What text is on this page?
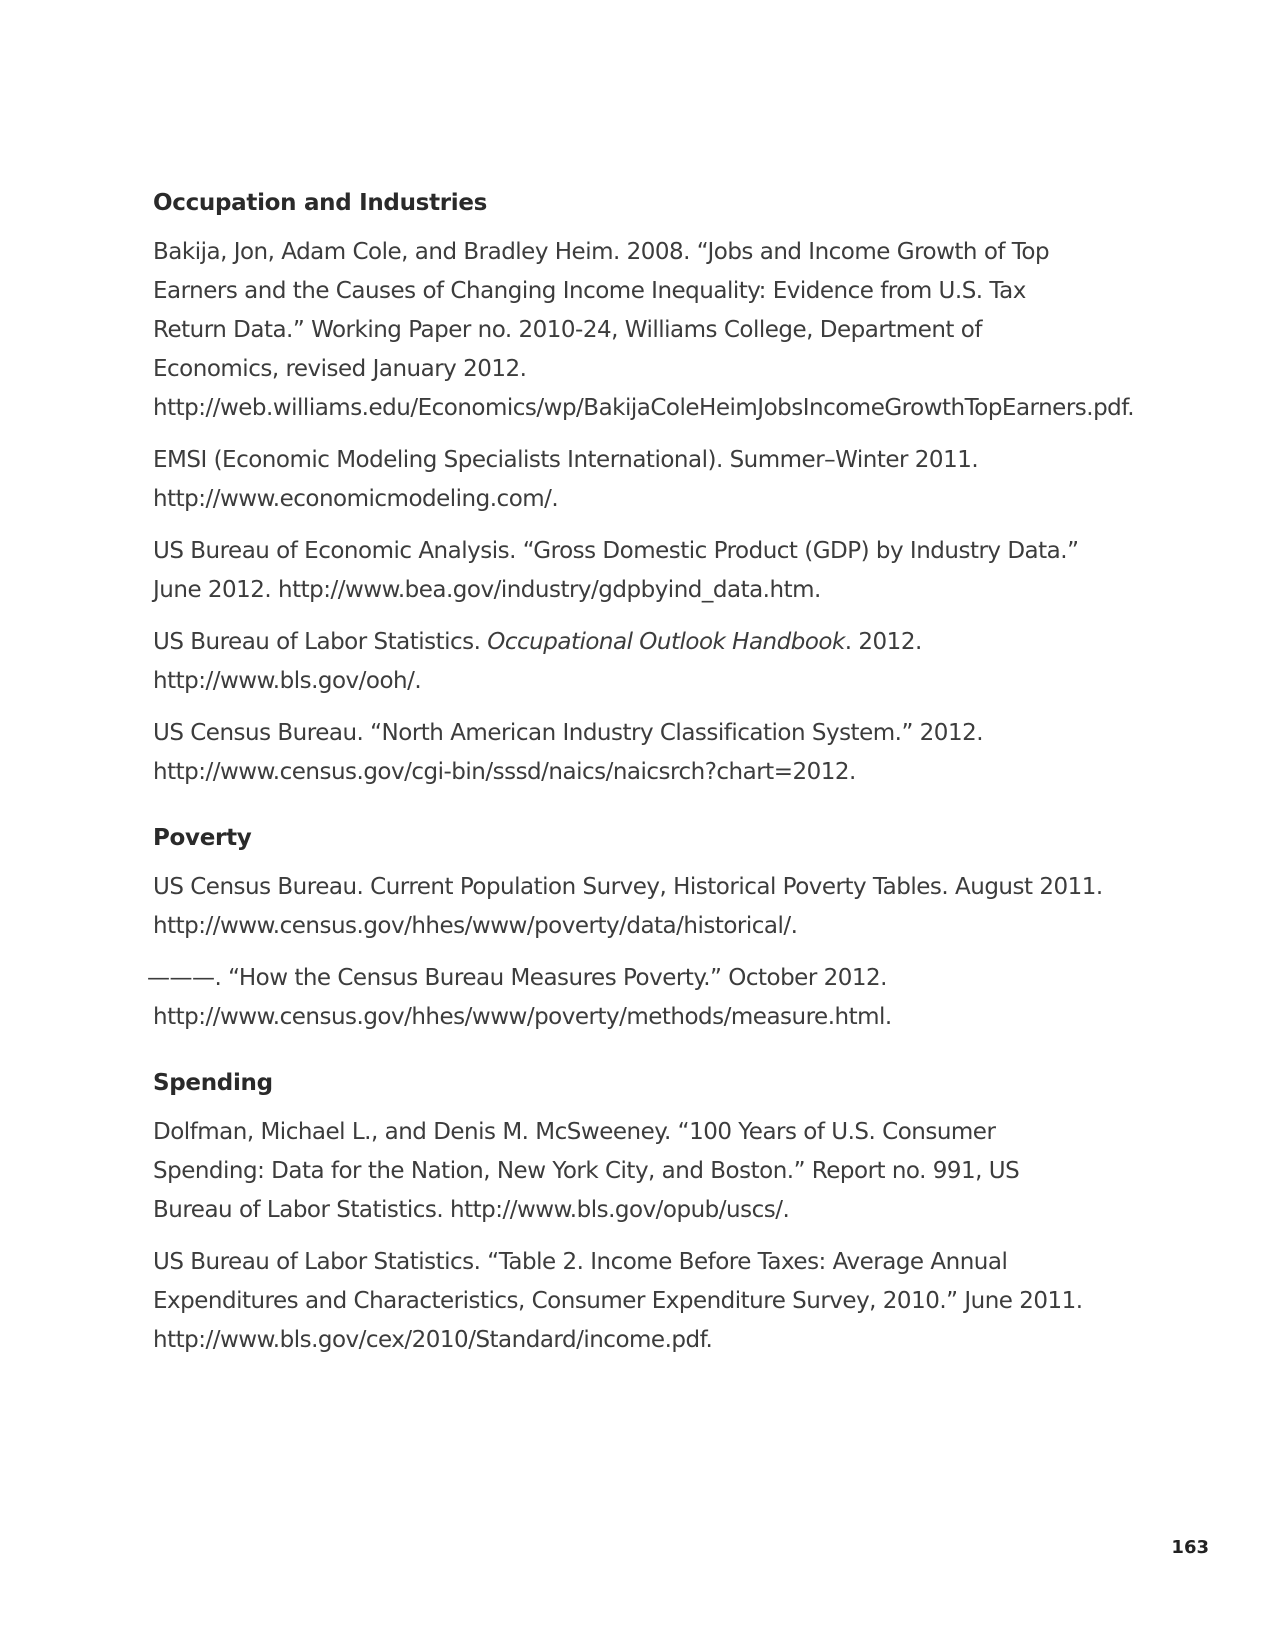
Occupation and Industries

Bakija, Jon, Adam Cole, and Bradley Heim. 2008. “Jobs and Income Growth of Top Earners and the Causes of Changing Income Inequality: Evidence from U.S. Tax Return Data.” Working Paper no. 2010-24, Williams College, Department of Economics, revised January 2012. http://web.williams.edu/Economics/wp/BakijaColeHeimJobsIncomeGrowthTopEarners.pdf.

EMSI (Economic Modeling Specialists International). Summer–Winter 2011. http://www.economicmodeling.com/.

US Bureau of Economic Analysis. “Gross Domestic Product (GDP) by Industry Data.” June 2012. http://www.bea.gov/industry/gdpbyind_data.htm.

US Bureau of Labor Statistics. Occupational Outlook Handbook. 2012. http://www.bls.gov/ooh/.

US Census Bureau. “North American Industry Classification System.” 2012. http://www.census.gov/cgi-bin/sssd/naics/naicsrch?chart=2012.

Poverty

US Census Bureau. Current Population Survey, Historical Poverty Tables. August 2011. http://www.census.gov/hhes/www/poverty/data/historical/.

———. “How the Census Bureau Measures Poverty.” October 2012. http://www.census.gov/hhes/www/poverty/methods/measure.html.

Spending

Dolfman, Michael L., and Denis M. McSweeney. “100 Years of U.S. Consumer Spending: Data for the Nation, New York City, and Boston.” Report no. 991, US Bureau of Labor Statistics. http://www.bls.gov/opub/uscs/.

US Bureau of Labor Statistics. “Table 2. Income Before Taxes: Average Annual Expenditures and Characteristics, Consumer Expenditure Survey, 2010.” June 2011. http://www.bls.gov/cex/2010/Standard/income.pdf.

163
